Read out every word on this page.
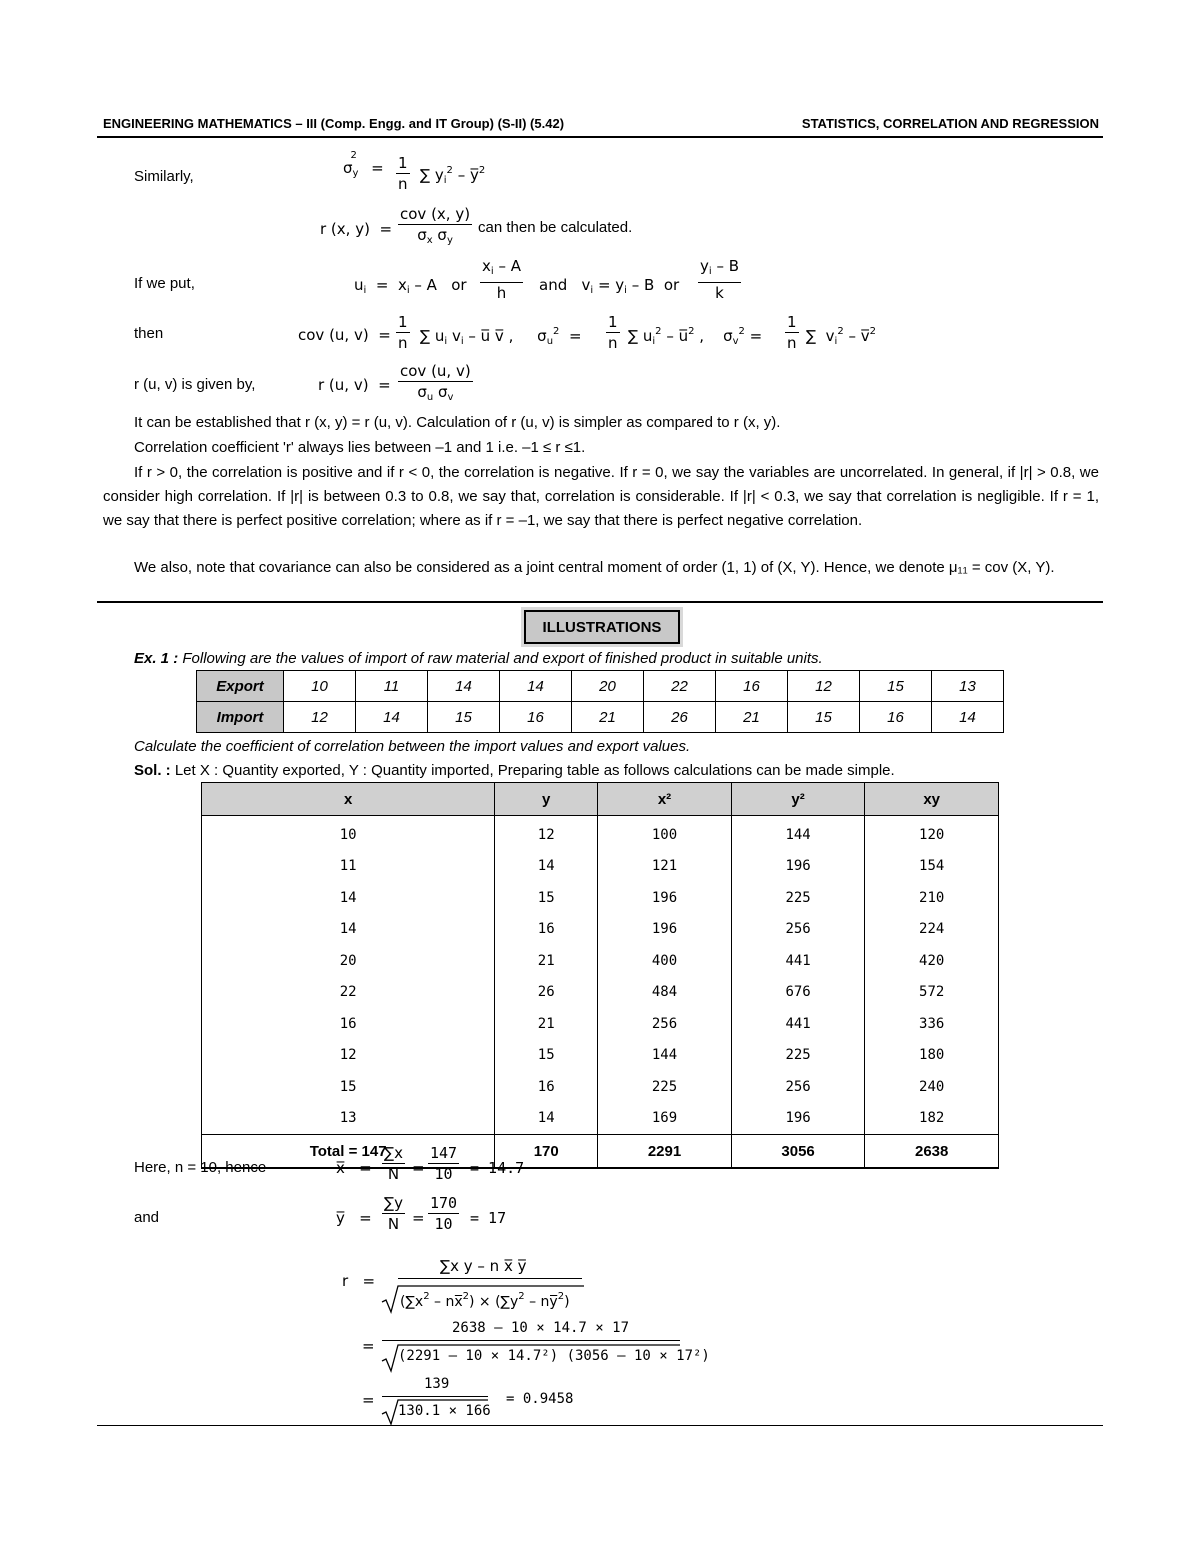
ENGINEERING MATHEMATICS – III (Comp. Engg. and IT Group) (S-II) (5.42)	STATISTICS, CORRELATION AND REGRESSION
Similarly,	$\sigma_y^2 = \frac{1}{n}$ ∑ $y_i^2$ – y̅$^2$
r (x, y)  =
cov (x, y)
$\sigma_x$ $\sigma_y$
can then be calculated.
If we put,	$u_i = x_i - A$   or $\frac{x_i - A}{h}$ and   $v_i = y_i - B$  or $\frac{y_i - B}{k}$
then	cov (u, $v) = \frac{1}{n}$ ∑ $u_i$ $v_i$ – u̅ v̅ ,     $\sigma_u^2 = \frac{1}{n}$ ∑ $u_i^2$ – u̅$^2$ ,    $\sigma_v^2 = \frac{1}{n}$ ∑  $v_i^2$ – v̅$^2$
r (u, v) is given by,	r (u, v)  =
cov (u, v)
$\sigma_u$ $\sigma_v$
It can be established that r (x, y) = r (u, v). Calculation of r (u, v) is simpler as compared to r (x, y).
Correlation coefficient 'r' always lies between –1 and 1 i.e. –1 ≤ r ≤1.
If r > 0, the correlation is positive and if r < 0, the correlation is negative. If r = 0, we say the variables are uncorrelated. In general, if |r| > 0.8, we consider high correlation. If |r| is between 0.3 to 0.8, we say that, correlation is considerable. If |r| < 0.3, we say that correlation is negligible. If r = 1, we say that there is perfect positive correlation; where as if r = –1, we say that there is perfect negative correlation.
We also, note that covariance can also be considered as a joint central moment of order (1, 1) of (X, Y). Hence, we denote μ₁₁ = cov (X, Y).
ILLUSTRATIONS
Ex. 1 : Following are the values of import of raw material and export of finished product in suitable units.
Export	10	11	14	14	20	22	16	12	15	13
Import	12	14	15	16	21	26	21	15	16	14
Calculate the coefficient of correlation between the import values and export values.
Sol. : Let X : Quantity exported, Y : Quantity imported, Preparing table as follows calculations can be made simple.
x	y	x²	y²	xy
10	12	100	144	120
11	14	121	196	154
14	15	196	225	210
14	16	196	256	224
20	21	400	441	420
22	26	484	676	572
16	21	256	441	336
12	15	144	225	180
15	16	225	256	240
13	14	169	196	182
Total = 147	170	2291	3056	2638
Here, n = 10, hence	x̅   = $\frac{\sum x}{N} = \frac{147}{10} = 14.7$
and	y̅   = $\frac{\sum y}{N} = \frac{170}{10} = 17$
r   =
∑x y – n x̅ y̅
($\sum x^2$ – nx̅$^2$) × ($\sum y^2$ – ny̅$^2$)
=
2638 – 10 × 14.7 × 17
(2291 – 10 × 14.7²) (3056 – 10 × 17²)
=
139
130.1 × 166
= 0.9458
